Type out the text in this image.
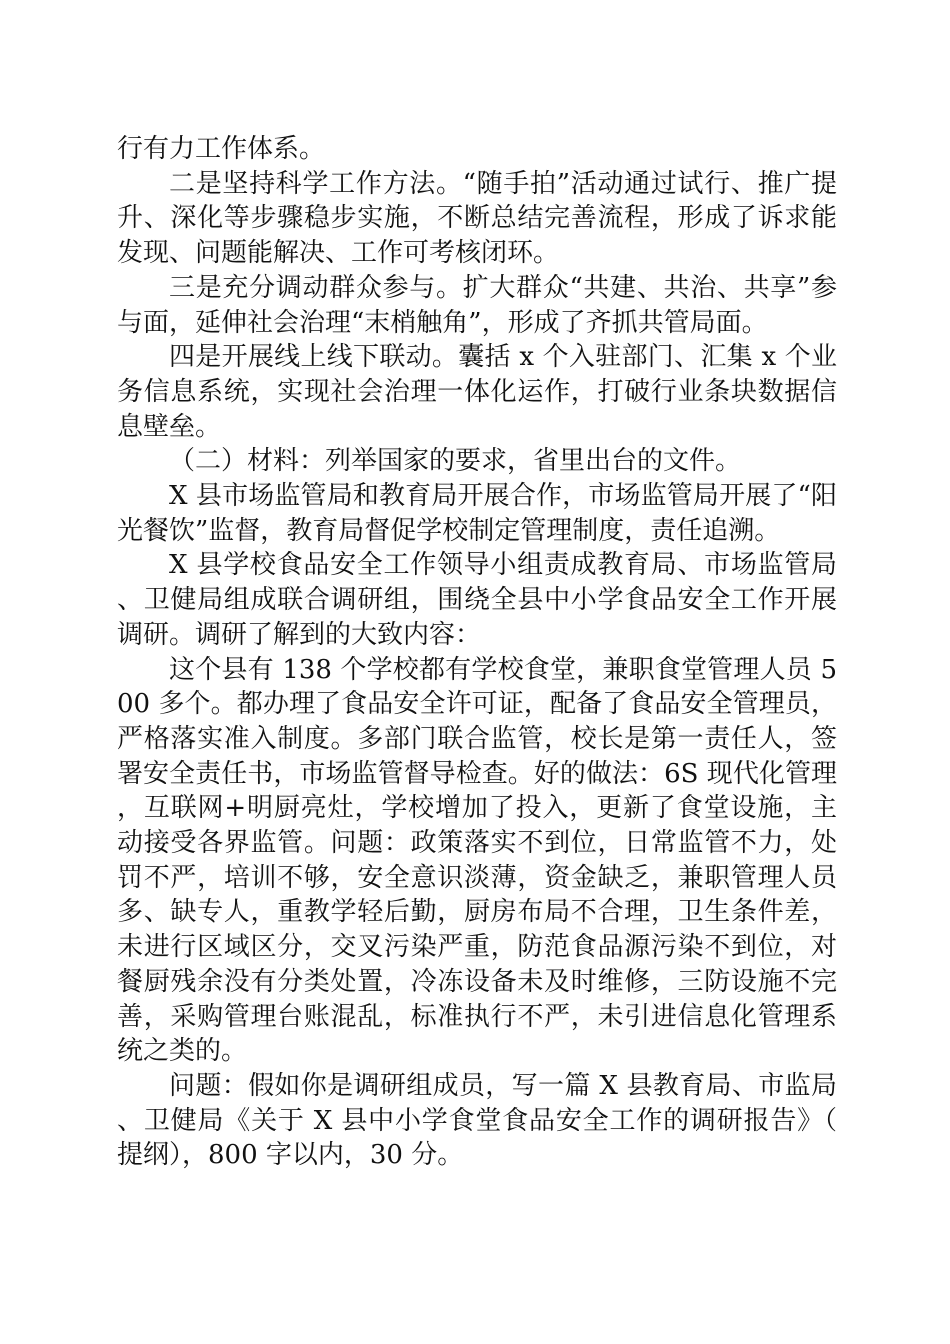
行有力工作体系。

二是坚持科学工作方法。“随手拍”活动通过试行、推广提升、深化等步骤稳步实施，不断总结完善流程，形成了诉求能发现、问题能解决、工作可考核闭环。

三是充分调动群众参与。扩大群众“共建、共治、共享”参与面，延伸社会治理“末梢触角”，形成了齐抓共管局面。

四是开展线上线下联动。囊括 x 个入驻部门、汇集 x 个业务信息系统，实现社会治理一体化运作，打破行业条块数据信息壁垒。

（二）材料：列举国家的要求，省里出台的文件。

X 县市场监管局和教育局开展合作，市场监管局开展了“阳光餐饮”监督，教育局督促学校制定管理制度，责任追溯。

X 县学校食品安全工作领导小组责成教育局、市场监管局、卫健局组成联合调研组，围绕全县中小学食品安全工作开展调研。调研了解到的大致内容：

这个县有 138 个学校都有学校食堂，兼职食堂管理人员 500 多个。都办理了食品安全许可证，配备了食品安全管理员，严格落实准入制度。多部门联合监管，校长是第一责任人，签署安全责任书，市场监管督导检查。好的做法：6S 现代化管理，互联网+明厨亮灶，学校增加了投入，更新了食堂设施，主动接受各界监管。问题：政策落实不到位，日常监管不力，处罚不严，培训不够，安全意识淡薄，资金缺乏，兼职管理人员多、缺专人，重教学轻后勤，厨房布局不合理，卫生条件差，未进行区域区分，交叉污染严重，防范食品源污染不到位，对餐厨残余没有分类处置，冷冻设备未及时维修，三防设施不完善，采购管理台账混乱，标准执行不严，未引进信息化管理系统之类的。

问题：假如你是调研组成员，写一篇 X 县教育局、市监局、卫健局《关于 X 县中小学食堂食品安全工作的调研报告》（提纲），800 字以内，30 分。
